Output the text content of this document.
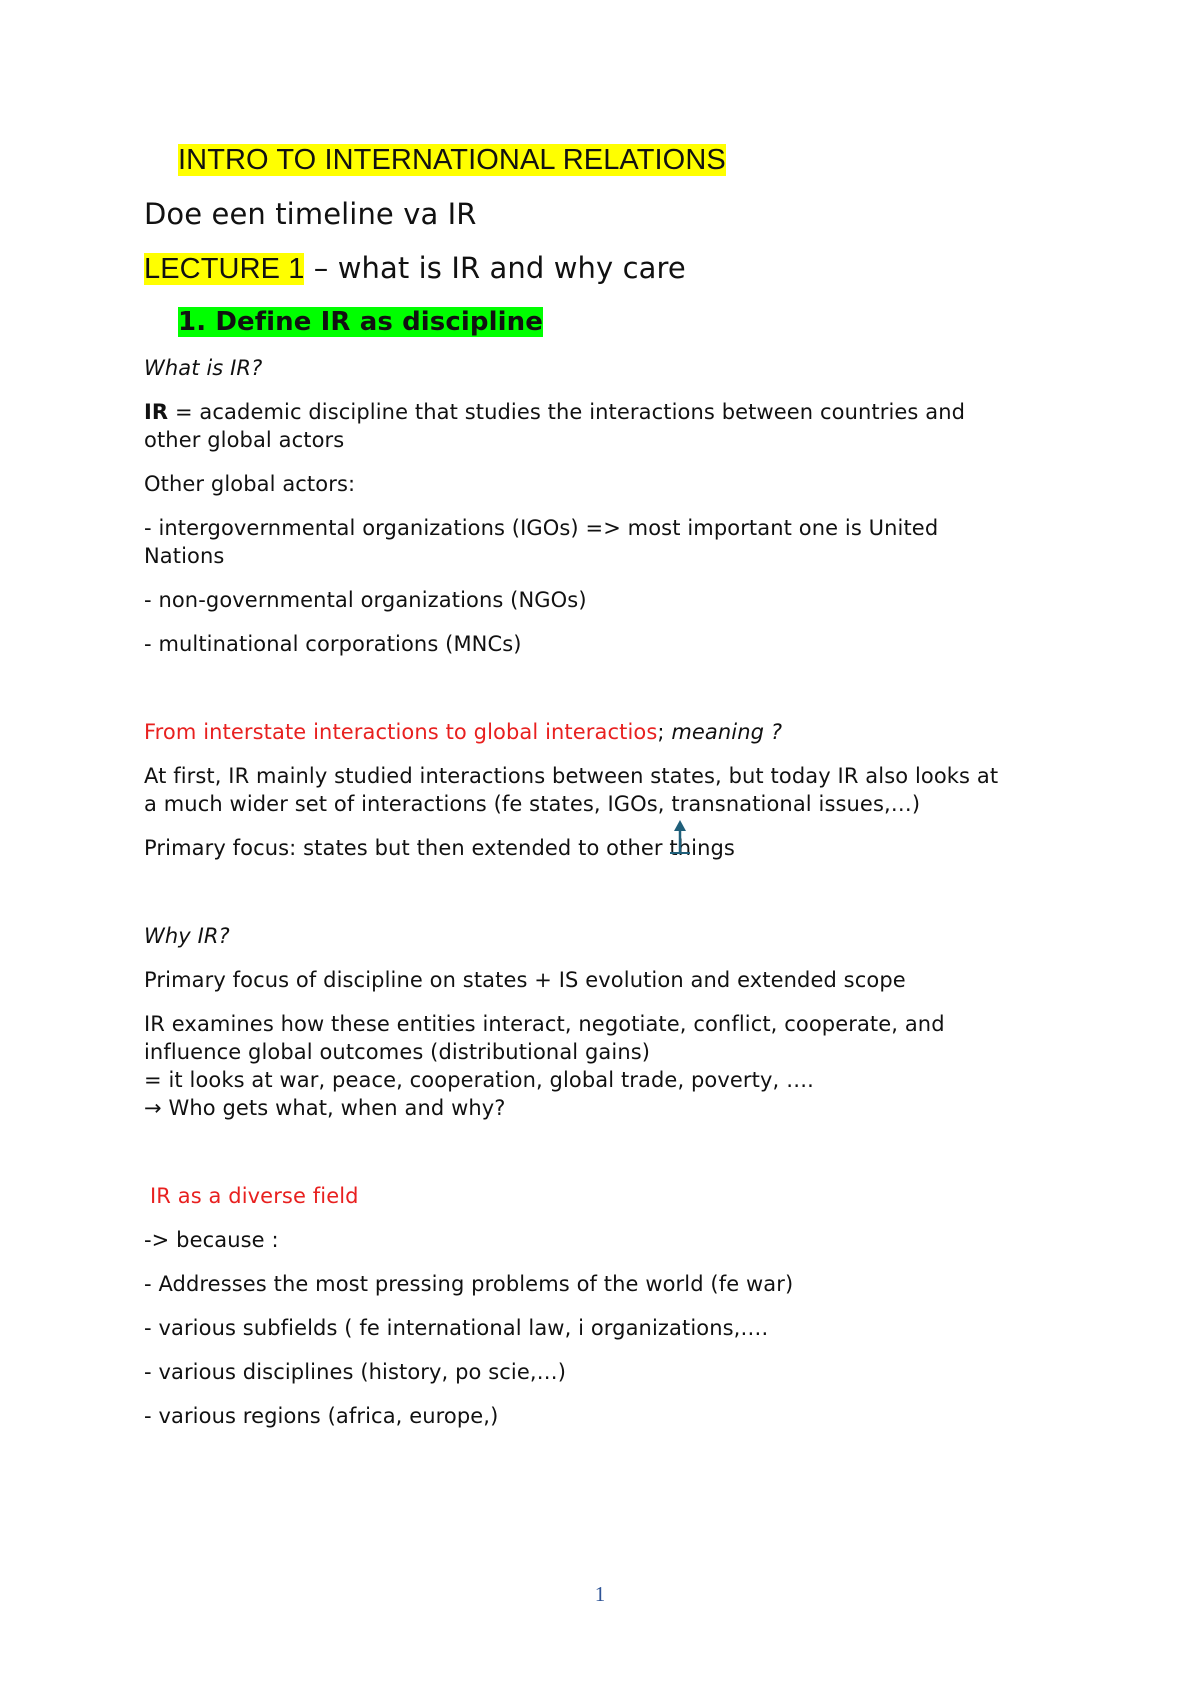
INTRO TO INTERNATIONAL RELATIONS
Doe een timeline va IR
LECTURE 1 – what is IR and why care
1. Define IR as discipline
What is IR?
IR = academic discipline that studies the interactions between countries and
other global actors
Other global actors:
- intergovernmental organizations (IGOs) => most important one is United
Nations
- non-governmental organizations (NGOs)
- multinational corporations (MNCs)
From interstate interactions to global interactios; meaning ?
At first, IR mainly studied interactions between states, but today IR also looks at
a much wider set of interactions (fe states, IGOs, transnational issues,…)
Primary focus: states but then extended to other things
Why IR?
Primary focus of discipline on states + IS evolution and extended scope
IR examines how these entities interact, negotiate, conflict, cooperate, and
influence global outcomes (distributional gains)
= it looks at war, peace, cooperation, global trade, poverty, ….
→ Who gets what, when and why?
IR as a diverse field
-> because :
- Addresses the most pressing problems of the world (fe war)
- various subfields ( fe international law, i organizations,….
- various disciplines (history, po scie,…)
- various regions (africa, europe,)
1
